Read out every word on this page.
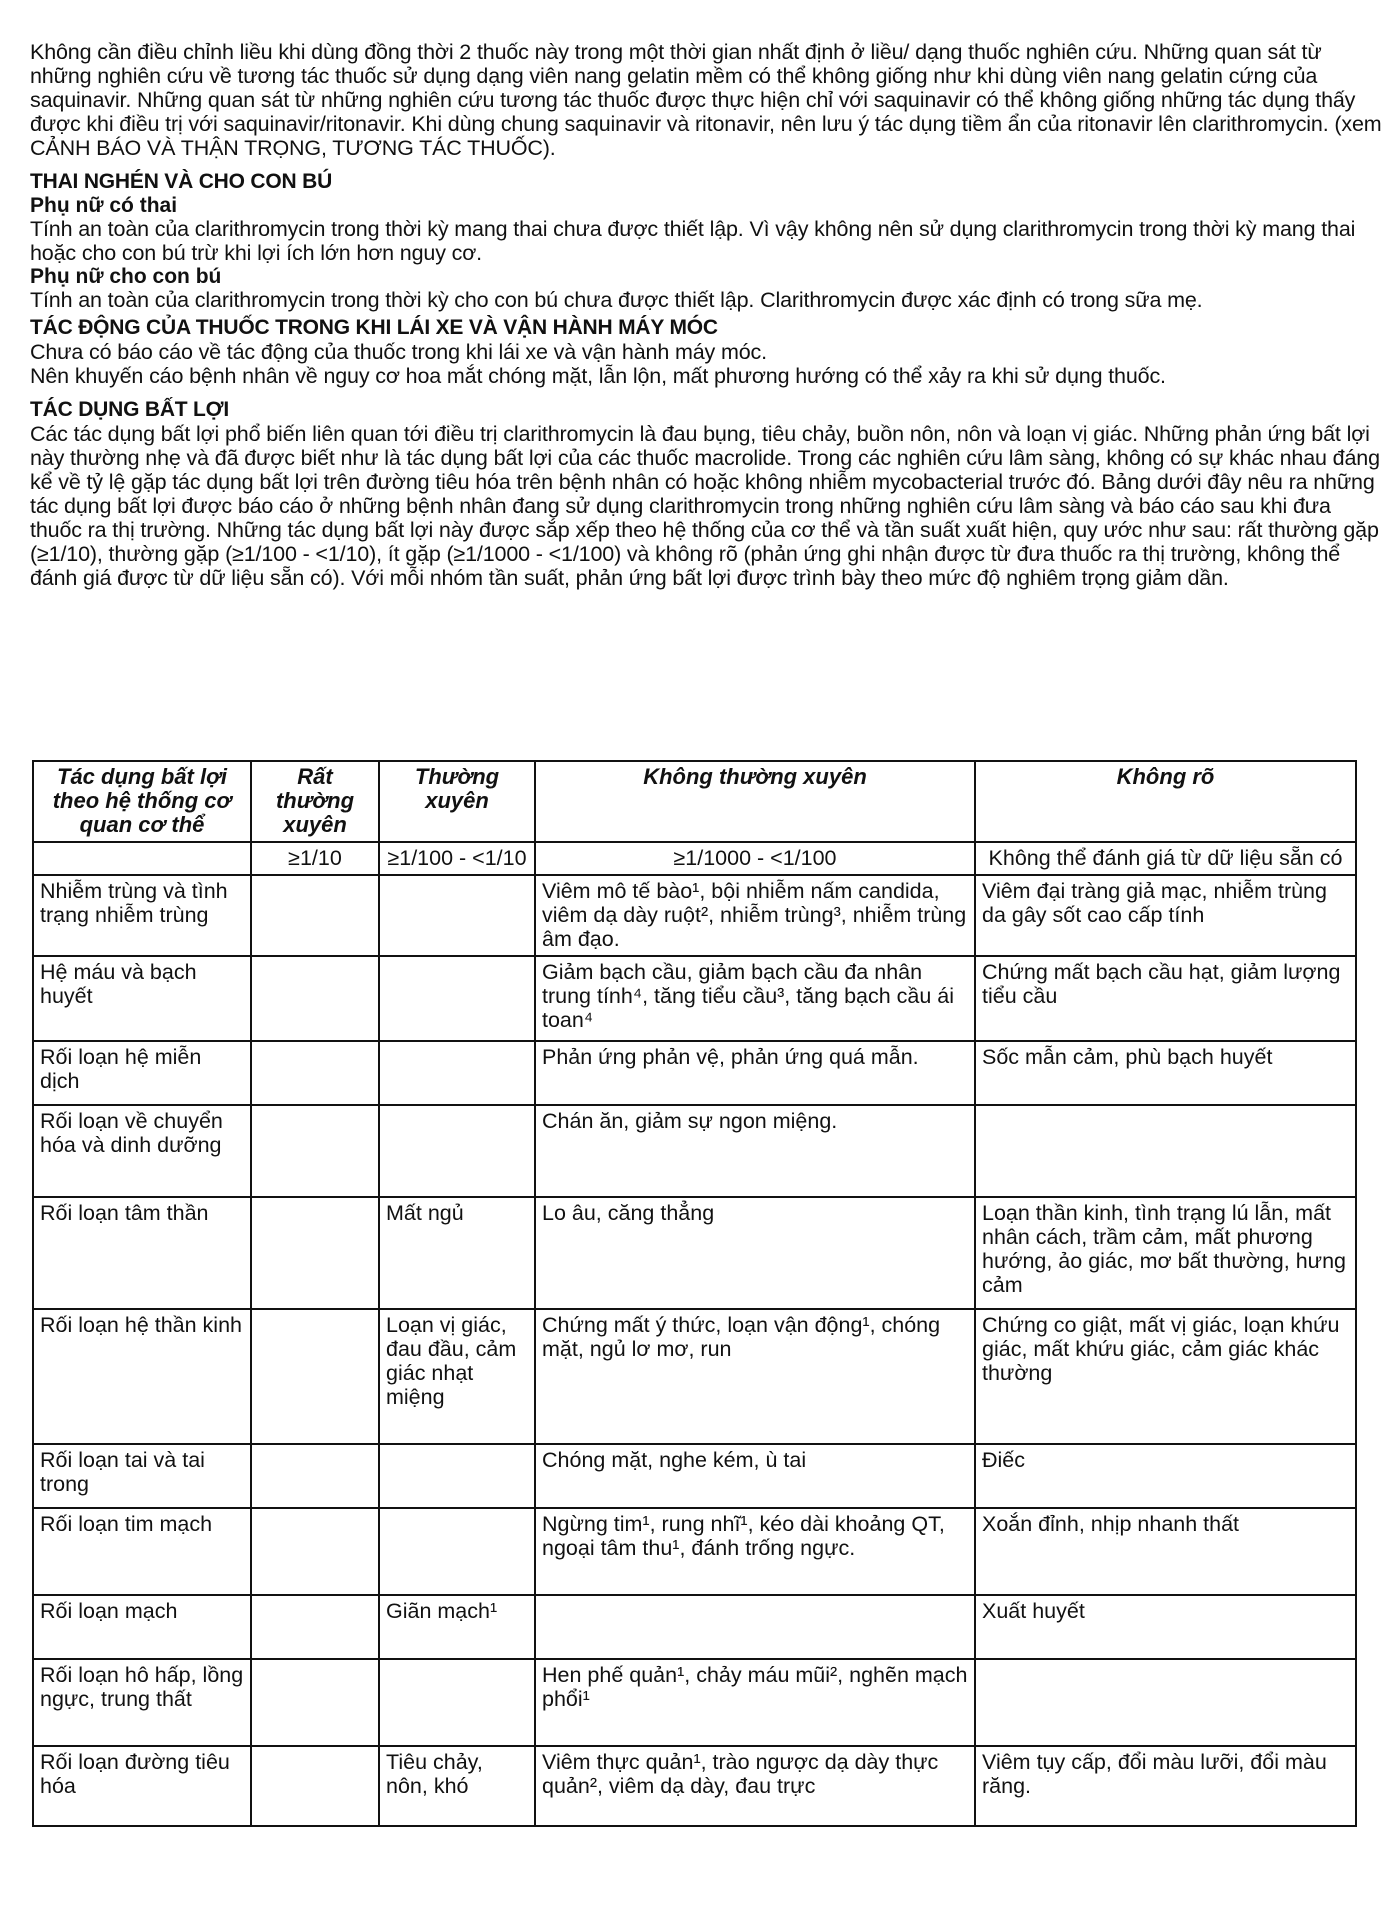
Không cần điều chỉnh liều khi dùng đồng thời 2 thuốc này trong một thời gian nhất định ở liều/ dạng thuốc nghiên cứu. Những quan sát từ những nghiên cứu về tương tác thuốc sử dụng dạng viên nang gelatin mềm có thể không giống như khi dùng viên nang gelatin cứng của saquinavir. Những quan sát từ những nghiên cứu tương tác thuốc được thực hiện chỉ với saquinavir có thể không giống những tác dụng thấy được khi điều trị với saquinavir/ritonavir. Khi dùng chung saquinavir và ritonavir, nên lưu ý tác dụng tiềm ẩn của ritonavir lên clarithromycin. (xem CẢNH BÁO VÀ THẬN TRỌNG, TƯƠNG TÁC THUỐC).

THAI NGHÉN VÀ CHO CON BÚ
Phụ nữ có thai

Tính an toàn của clarithromycin trong thời kỳ mang thai chưa được thiết lập. Vì vậy không nên sử dụng clarithromycin trong thời kỳ mang thai hoặc cho con bú trừ khi lợi ích lớn hơn nguy cơ.

Phụ nữ cho con bú

Tính an toàn của clarithromycin trong thời kỳ cho con bú chưa được thiết lập. Clarithromycin được xác định có trong sữa mẹ.

TÁC ĐỘNG CỦA THUỐC TRONG KHI LÁI XE VÀ VẬN HÀNH MÁY MÓC

Chưa có báo cáo về tác động của thuốc trong khi lái xe và vận hành máy móc.

Nên khuyến cáo bệnh nhân về nguy cơ hoa mắt chóng mặt, lẫn lộn, mất phương hướng có thể xảy ra khi sử dụng thuốc.

TÁC DỤNG BẤT LỢI

Các tác dụng bất lợi phổ biến liên quan tới điều trị clarithromycin là đau bụng, tiêu chảy, buồn nôn, nôn và loạn vị giác. Những phản ứng bất lợi này thường nhẹ và đã được biết như là tác dụng bất lợi của các thuốc macrolide. Trong các nghiên cứu lâm sàng, không có sự khác nhau đáng kể về tỷ lệ gặp tác dụng bất lợi trên đường tiêu hóa trên bệnh nhân có hoặc không nhiễm mycobacterial trước đó. Bảng dưới đây nêu ra những tác dụng bất lợi được báo cáo ở những bệnh nhân đang sử dụng clarithromycin trong những nghiên cứu lâm sàng và báo cáo sau khi đưa thuốc ra thị trường. Những tác dụng bất lợi này được sắp xếp theo hệ thống của cơ thể và tần suất xuất hiện, quy ước như sau: rất thường gặp (≥1/10), thường gặp (≥1/100 - <1/10), ít gặp (≥1/1000 - <1/100) và không rõ (phản ứng ghi nhận được từ đưa thuốc ra thị trường, không thể đánh giá được từ dữ liệu sẵn có). Với mỗi nhóm tần suất, phản ứng bất lợi được trình bày theo mức độ nghiêm trọng giảm dần.

Tác dụng bất lợi theo hệ thống cơ quan cơ thể	Rất thường xuyên	Thường xuyên	Không thường xuyên	Không rõ
	≥1/10	≥1/100 - <1/10	≥1/1000 - <1/100	Không thể đánh giá từ dữ liệu sẵn có
Nhiễm trùng và tình trạng nhiễm trùng			Viêm mô tế bào¹, bội nhiễm nấm candida, viêm dạ dày ruột², nhiễm trùng³, nhiễm trùng âm đạo.	Viêm đại tràng giả mạc, nhiễm trùng da gây sốt cao cấp tính
Hệ máu và bạch huyết			Giảm bạch cầu, giảm bạch cầu đa nhân trung tính⁴, tăng tiểu cầu³, tăng bạch cầu ái toan⁴	Chứng mất bạch cầu hạt, giảm lượng tiểu cầu
Rối loạn hệ miễn dịch			Phản ứng phản vệ, phản ứng quá mẫn.	Sốc mẫn cảm, phù bạch huyết
Rối loạn về chuyển hóa và dinh dưỡng			Chán ăn, giảm sự ngon miệng.	
Rối loạn tâm thần		Mất ngủ	Lo âu, căng thẳng	Loạn thần kinh, tình trạng lú lẫn, mất nhân cách, trầm cảm, mất phương hướng, ảo giác, mơ bất thường, hưng cảm
Rối loạn hệ thần kinh		Loạn vị giác, đau đầu, cảm giác nhạt miệng	Chứng mất ý thức, loạn vận động¹, chóng mặt, ngủ lơ mơ, run	Chứng co giật, mất vị giác, loạn khứu giác, mất khứu giác, cảm giác khác thường
Rối loạn tai và tai trong			Chóng mặt, nghe kém, ù tai	Điếc
Rối loạn tim mạch			Ngừng tim¹, rung nhĩ¹, kéo dài khoảng QT, ngoại tâm thu¹, đánh trống ngực.	Xoắn đỉnh, nhịp nhanh thất
Rối loạn mạch		Giãn mạch¹		Xuất huyết
Rối loạn hô hấp, lồng ngực, trung thất			Hen phế quản¹, chảy máu mũi², nghẽn mạch phổi¹	
Rối loạn đường tiêu hóa		Tiêu chảy, nôn, khó	Viêm thực quản¹, trào ngược dạ dày thực quản², viêm dạ dày, đau trực	Viêm tụy cấp, đổi màu lưỡi, đổi màu răng.
